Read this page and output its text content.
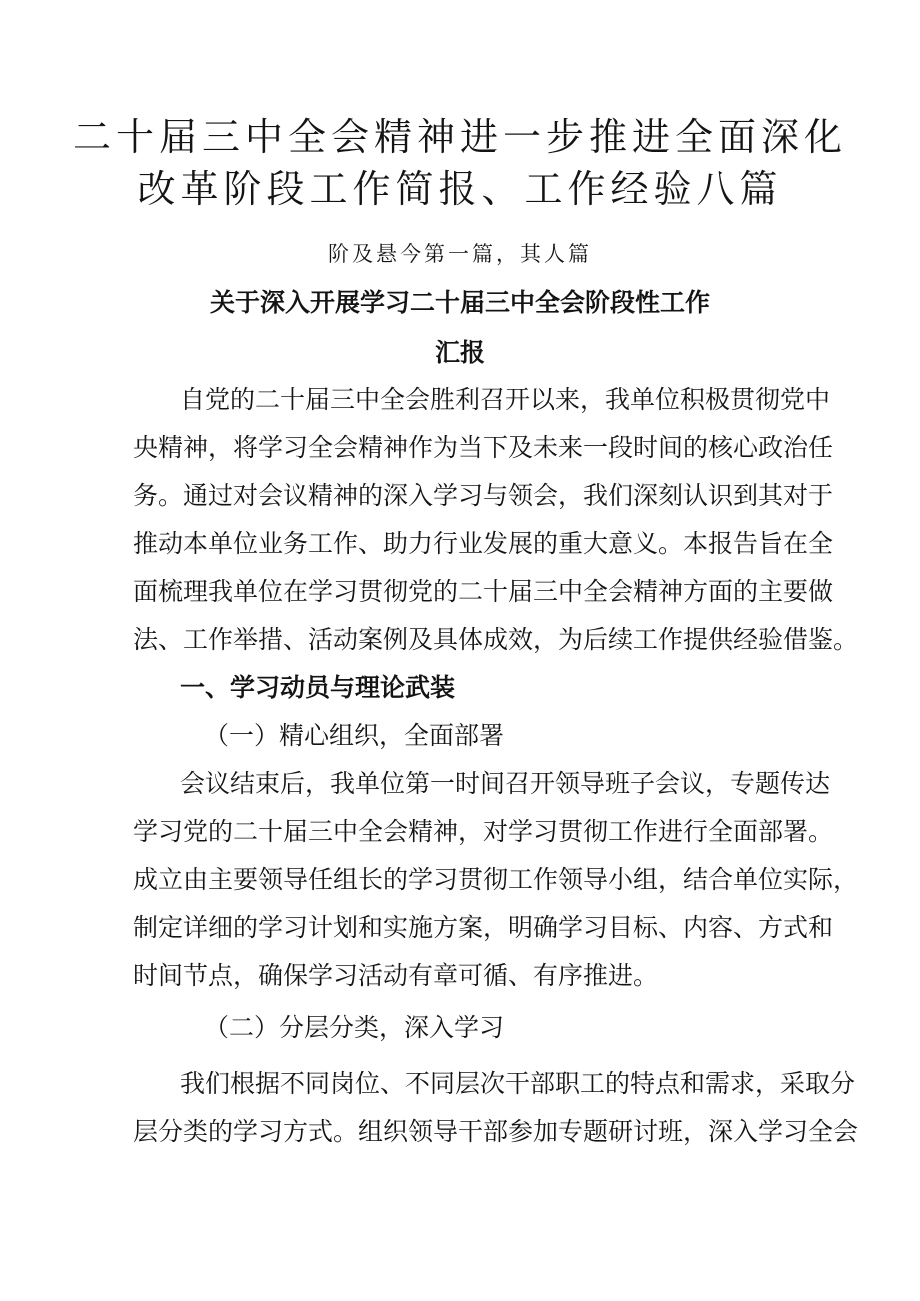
二十届三中全会精神进一步推进全面深化
改革阶段工作简报、工作经验八篇
阶及悬今第一篇，其人篇
关于深入开展学习二十届三中全会阶段性工作
汇报
自党的二十届三中全会胜利召开以来，我单位积极贯彻党中
央精神，将学习全会精神作为当下及未来一段时间的核心政治任
务。通过对会议精神的深入学习与领会，我们深刻认识到其对于
推动本单位业务工作、助力行业发展的重大意义。本报告旨在全
面梳理我单位在学习贯彻党的二十届三中全会精神方面的主要做
法、工作举措、活动案例及具体成效，为后续工作提供经验借鉴。
一、学习动员与理论武装
（一）精心组织，全面部署
会议结束后，我单位第一时间召开领导班子会议，专题传达
学习党的二十届三中全会精神，对学习贯彻工作进行全面部署。
成立由主要领导任组长的学习贯彻工作领导小组，结合单位实际，
制定详细的学习计划和实施方案，明确学习目标、内容、方式和
时间节点，确保学习活动有章可循、有序推进。
（二）分层分类，深入学习
我们根据不同岗位、不同层次干部职工的特点和需求，采取分
层分类的学习方式。组织领导干部参加专题研讨班，深入学习全会
